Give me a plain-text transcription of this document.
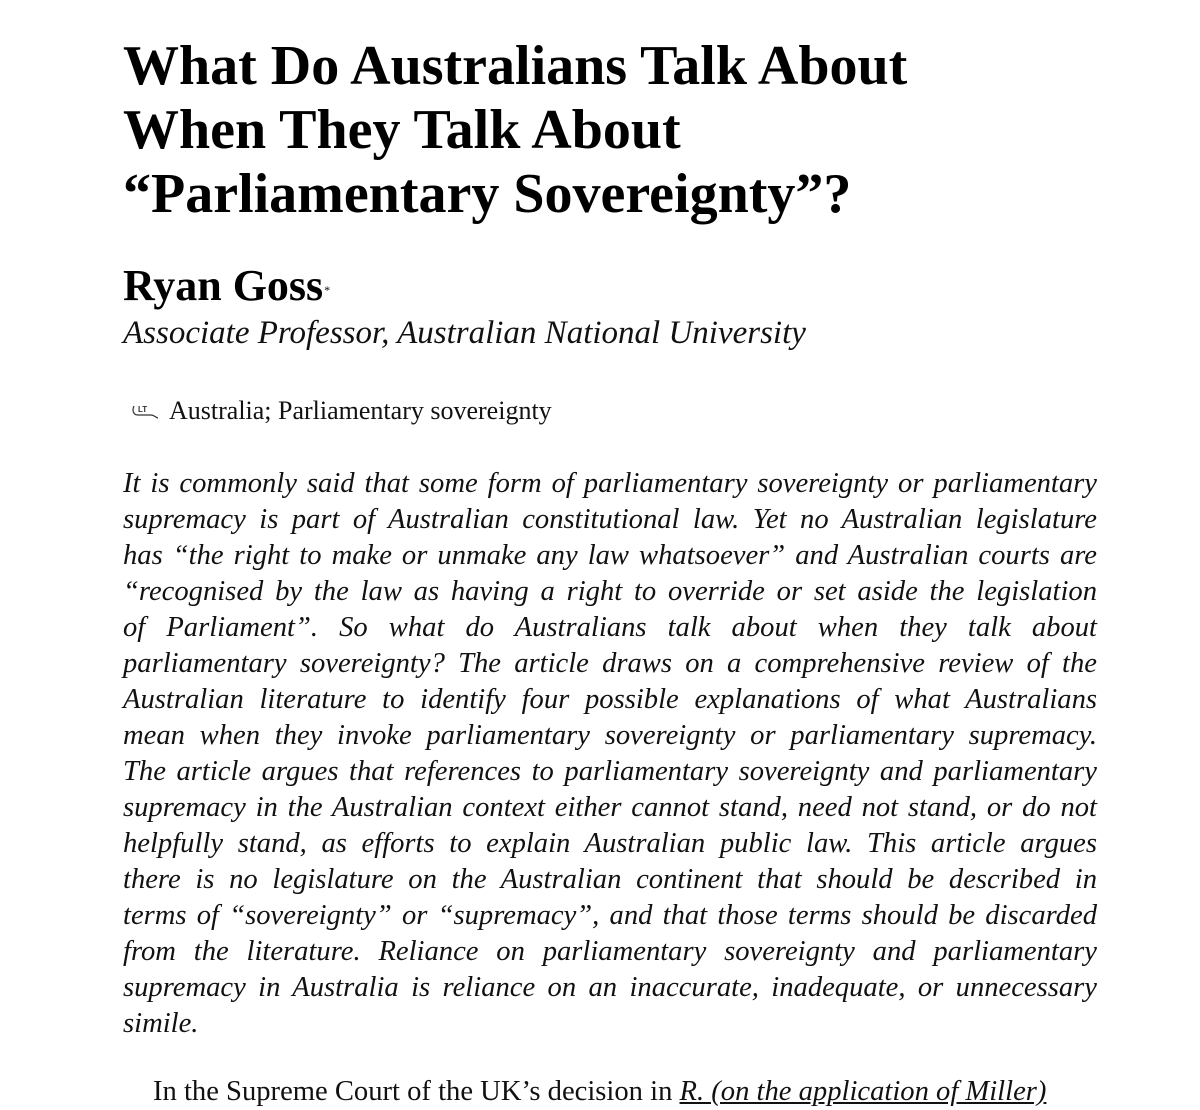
What Do Australians Talk About
When They Talk About
“Parliamentary Sovereignty”?
Ryan Goss*
Associate Professor, Australian National University
LT Australia; Parliamentary sovereignty
It is commonly said that some form of parliamentary sovereignty or parliamentary
supremacy is part of Australian constitutional law. Yet no Australian legislature
has “the right to make or unmake any law whatsoever” and Australian courts are
“recognised by the law as having a right to override or set aside the legislation
of Parliament”. So what do Australians talk about when they talk about
parliamentary sovereignty? The article draws on a comprehensive review of the
Australian literature to identify four possible explanations of what Australians
mean when they invoke parliamentary sovereignty or parliamentary supremacy.
The article argues that references to parliamentary sovereignty and parliamentary
supremacy in the Australian context either cannot stand, need not stand, or do not
helpfully stand, as efforts to explain Australian public law. This article argues
there is no legislature on the Australian continent that should be described in
terms of “sovereignty” or “supremacy”, and that those terms should be discarded
from the literature. Reliance on parliamentary sovereignty and parliamentary
supremacy in Australia is reliance on an inaccurate, inadequate, or unnecessary
simile.
In the Supreme Court of the UK’s decision in R. (on the application of Miller)
